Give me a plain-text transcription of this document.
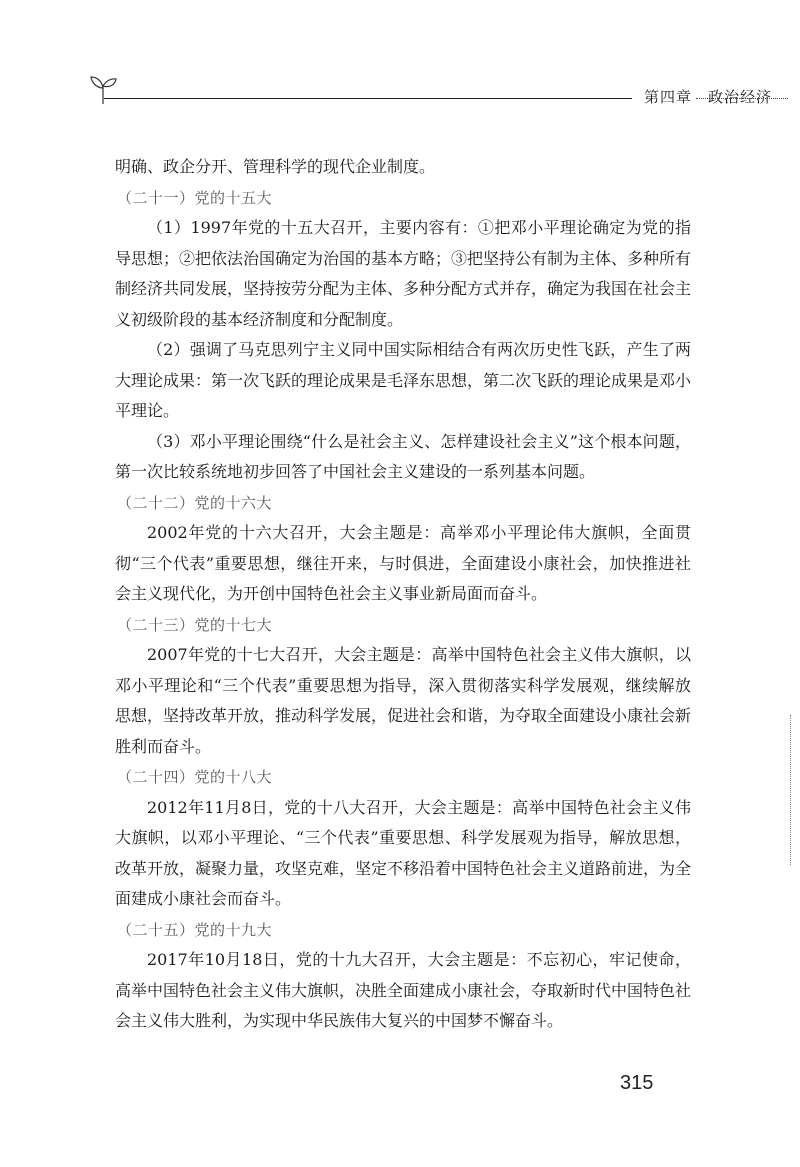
第四章　政治经济

明确、政企分开、管理科学的现代企业制度。

（二十一）党的十五大

（1）1997年党的十五大召开，主要内容有：①把邓小平理论确定为党的指导思想；②把依法治国确定为治国的基本方略；③把坚持公有制为主体、多种所有制经济共同发展，坚持按劳分配为主体、多种分配方式并存，确定为我国在社会主义初级阶段的基本经济制度和分配制度。

（2）强调了马克思列宁主义同中国实际相结合有两次历史性飞跃，产生了两大理论成果：第一次飞跃的理论成果是毛泽东思想，第二次飞跃的理论成果是邓小平理论。

（3）邓小平理论围绕“什么是社会主义、怎样建设社会主义”这个根本问题，第一次比较系统地初步回答了中国社会主义建设的一系列基本问题。

（二十二）党的十六大

2002年党的十六大召开，大会主题是：高举邓小平理论伟大旗帜，全面贯彻“三个代表”重要思想，继往开来，与时俱进，全面建设小康社会，加快推进社会主义现代化，为开创中国特色社会主义事业新局面而奋斗。

（二十三）党的十七大

2007年党的十七大召开，大会主题是：高举中国特色社会主义伟大旗帜，以邓小平理论和“三个代表”重要思想为指导，深入贯彻落实科学发展观，继续解放思想，坚持改革开放，推动科学发展，促进社会和谐，为夺取全面建设小康社会新胜利而奋斗。

（二十四）党的十八大

2012年11月8日，党的十八大召开，大会主题是：高举中国特色社会主义伟大旗帜，以邓小平理论、“三个代表”重要思想、科学发展观为指导，解放思想，改革开放，凝聚力量，攻坚克难，坚定不移沿着中国特色社会主义道路前进，为全面建成小康社会而奋斗。

（二十五）党的十九大

2017年10月18日，党的十九大召开，大会主题是：不忘初心，牢记使命，高举中国特色社会主义伟大旗帜，决胜全面建成小康社会，夺取新时代中国特色社会主义伟大胜利，为实现中华民族伟大复兴的中国梦不懈奋斗。

315
